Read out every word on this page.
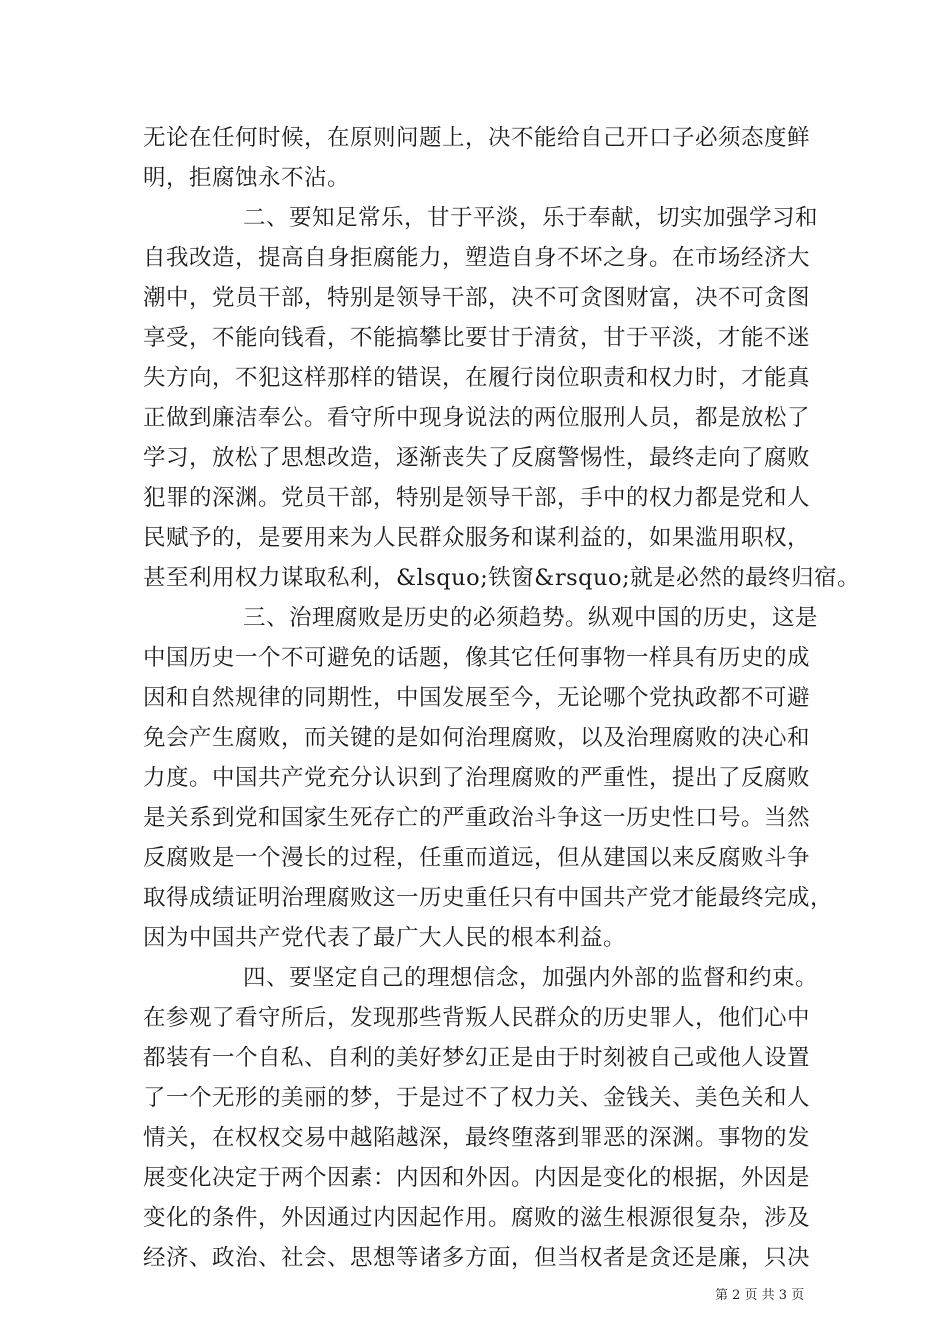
无论在任何时候，在原则问题上，决不能给自己开口子必须态度鲜
明，拒腐蚀永不沾。
二、要知足常乐，甘于平淡，乐于奉献，切实加强学习和
自我改造，提高自身拒腐能力，塑造自身不坏之身。在市场经济大
潮中，党员干部，特别是领导干部，决不可贪图财富，决不可贪图
享受，不能向钱看，不能搞攀比要甘于清贫，甘于平淡，才能不迷
失方向，不犯这样那样的错误，在履行岗位职责和权力时，才能真
正做到廉洁奉公。看守所中现身说法的两位服刑人员，都是放松了
学习，放松了思想改造，逐渐丧失了反腐警惕性，最终走向了腐败
犯罪的深渊。党员干部，特别是领导干部，手中的权力都是党和人
民赋予的，是要用来为人民群众服务和谋利益的，如果滥用职权，
甚至利用权力谋取私利，&lsquo;铁窗&rsquo;就是必然的最终归宿。
三、治理腐败是历史的必须趋势。纵观中国的历史，这是
中国历史一个不可避免的话题，像其它任何事物一样具有历史的成
因和自然规律的同期性，中国发展至今，无论哪个党执政都不可避
免会产生腐败，而关键的是如何治理腐败，以及治理腐败的决心和
力度。中国共产党充分认识到了治理腐败的严重性，提出了反腐败
是关系到党和国家生死存亡的严重政治斗争这一历史性口号。当然
反腐败是一个漫长的过程，任重而道远，但从建国以来反腐败斗争
取得成绩证明治理腐败这一历史重任只有中国共产党才能最终完成，
因为中国共产党代表了最广大人民的根本利益。
四、要坚定自己的理想信念，加强内外部的监督和约束。
在参观了看守所后，发现那些背叛人民群众的历史罪人，他们心中
都装有一个自私、自利的美好梦幻正是由于时刻被自己或他人设置
了一个无形的美丽的梦，于是过不了权力关、金钱关、美色关和人
情关，在权权交易中越陷越深，最终堕落到罪恶的深渊。事物的发
展变化决定于两个因素：内因和外因。内因是变化的根据，外因是
变化的条件，外因通过内因起作用。腐败的滋生根源很复杂，涉及
经济、政治、社会、思想等诸多方面，但当权者是贪还是廉，只决
第 2 页 共 3 页
